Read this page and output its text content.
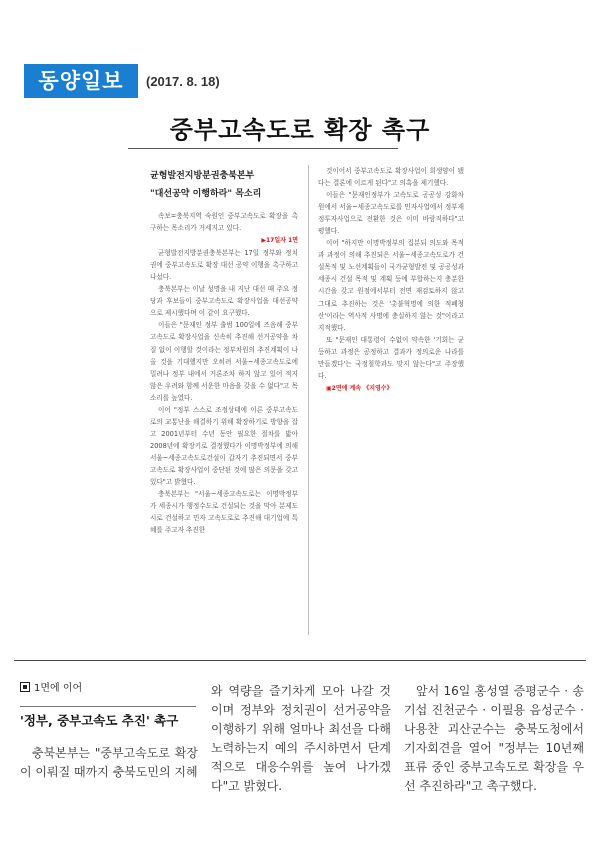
동양일보	(2017. 8. 18)
중부고속도로 확장 촉구
균형발전지방분권충북본부
"대선공약 이행하라" 목소리

속보=충북지역 숙원인 중부고속도로 확장을 촉구하는 목소리가 거세지고 있다.

▶17일자 1면

균형발전지방분권충북본부는 17일 정부와 정치권에 중부고속도로 확장 대선 공약 이행을 촉구하고 나섰다.

충북본부는 이날 성명을 내 지난 대선 때 주요 정당과 후보들이 중부고속도로 확장사업을 대선공약으로 제시했다며 이 같이 요구했다.

이들은 "문재인 정부 출범 100일에 즈음해 중부고속도로 확장사업을 신속히 추진해 선거공약을 차질 없이 이행할 것이라는 정부차원의 추진계획이 나올 것을 기대했지만 오히려 서울~세종고속도로에 밀려나 정부 내에서 거론조차 하지 않고 있어 적지 않은 우려와 함께 서운한 마음을 갖을 수 없다"고 목소리를 높였다.

이어 "정부 스스로 조정상태에 이른 중부고속도로의 교통난을 해결하기 위해 확장하기로 방향을 잡고 2001년부터 수년 동안 필요한 절차를 밟아 2008년에 확장키로 결정했다가 이명박정부에 의해 서울~세종고속도로건설이 갑자기 추진되면서 중부고속도로 확장사업이 중단된 것에 많은 의문을 갖고 있다"고 밝혔다.

충북본부는 "서울~세종고속도로는 이명박정부가 세종시가 행정수도로 건설되는 것을 막아 분제도시로 건설하고 민자 고속도로로 추진해 대기업에 특혜를 주고자 추진한

것이어서 중부고속도로 확장사업이 희생양이 됐다는 결론에 이르게 된다"고 의혹을 제기했다.

이들은 "문재인정부가 고속도로 공공성 강화차원에서 서울~세종고속도로를 민자사업에서 정부재정투자사업으로 전환한 것은 이미 바람직하다"고 평했다.

이어 "하지만 이명박정부의 집분되 의도와 목적과 과정이 의해 추진되은 서울~세종고속도로가 건설목적 및 노선계획들이 국가균형발전 및 공공성과 세종시 건설 목적 및 계획 등에 부합하는지 충분한 시간을 갖고 원점에서부터 전면 재검토하지 않고 그대로 추진하는 것은 '촛불혁명에 의한 적폐청산'이라는 역사적 사명에 충실하지 않는 것"이라고 지적했다.

또 "문재인 대통령이 수없이 약속한 '기회는 균등하고 과정은 공정하고 결과가 정의로운 나라를 만들겠다'는 국정철학과도 맞지 않는다"고 주장했다.

▣2면에 계속 《지영수》

1면에 이어
'정부, 중부고속도 추진' 촉구

충북본부는 "중부고속도로 확장이 이뤄질 때까지 충북도민의 지혜

와 역량을 즐기차게 모아 나갈 것이며 정부와 정치권이 선거공약을 이행하기 위해 얼마나 최선을 다해 노력하는지 예의 주시하면서 단계적으로 대응수위를 높여 나가겠다"고 밝혔다.

앞서 16일 홍성열 증평군수 · 송기섭 진천군수 · 이필용 음성군수 · 나용찬 괴산군수는 충북도청에서 기자회견을 열어 "정부는 10년째 표류 중인 중부고속도로 확장을 우선 추진하라"고 촉구했다.
